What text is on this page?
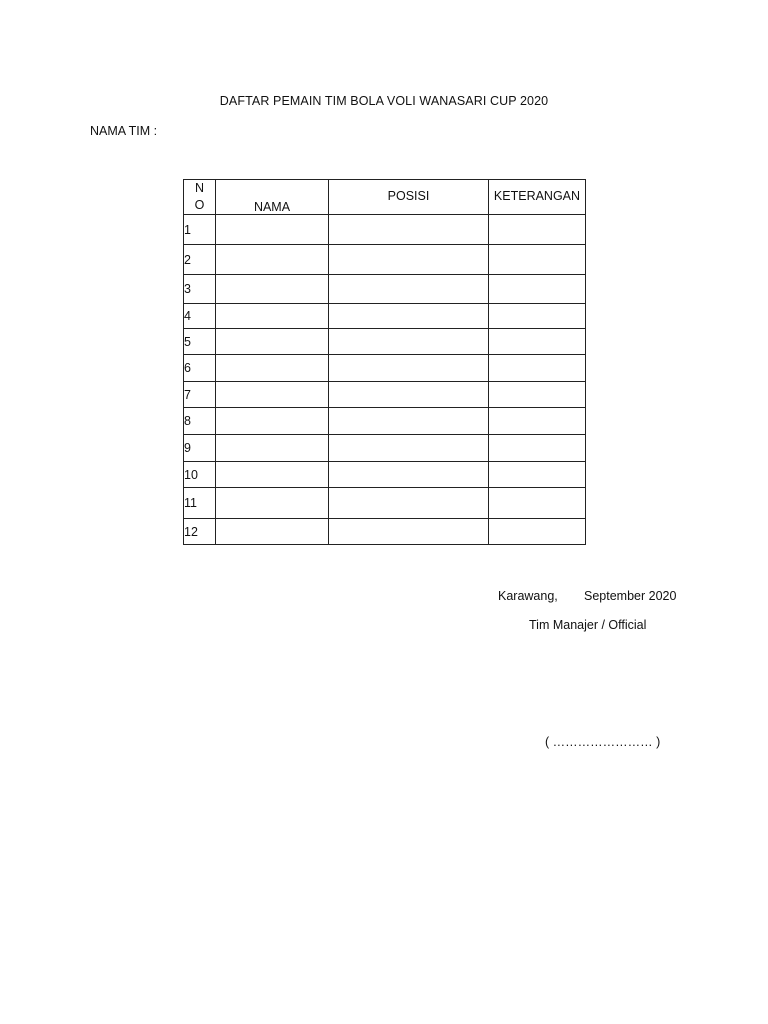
DAFTAR PEMAIN TIM BOLA VOLI WANASARI CUP 2020
NAMA TIM :
N
O	NAMA	POSISI	KETERANGAN

1			
2			
3			
4			
5			
6			
7			
8			
9			
10			
11			
12			
Karawang, September 2020
Tim Manajer / Official
( …………………… )
